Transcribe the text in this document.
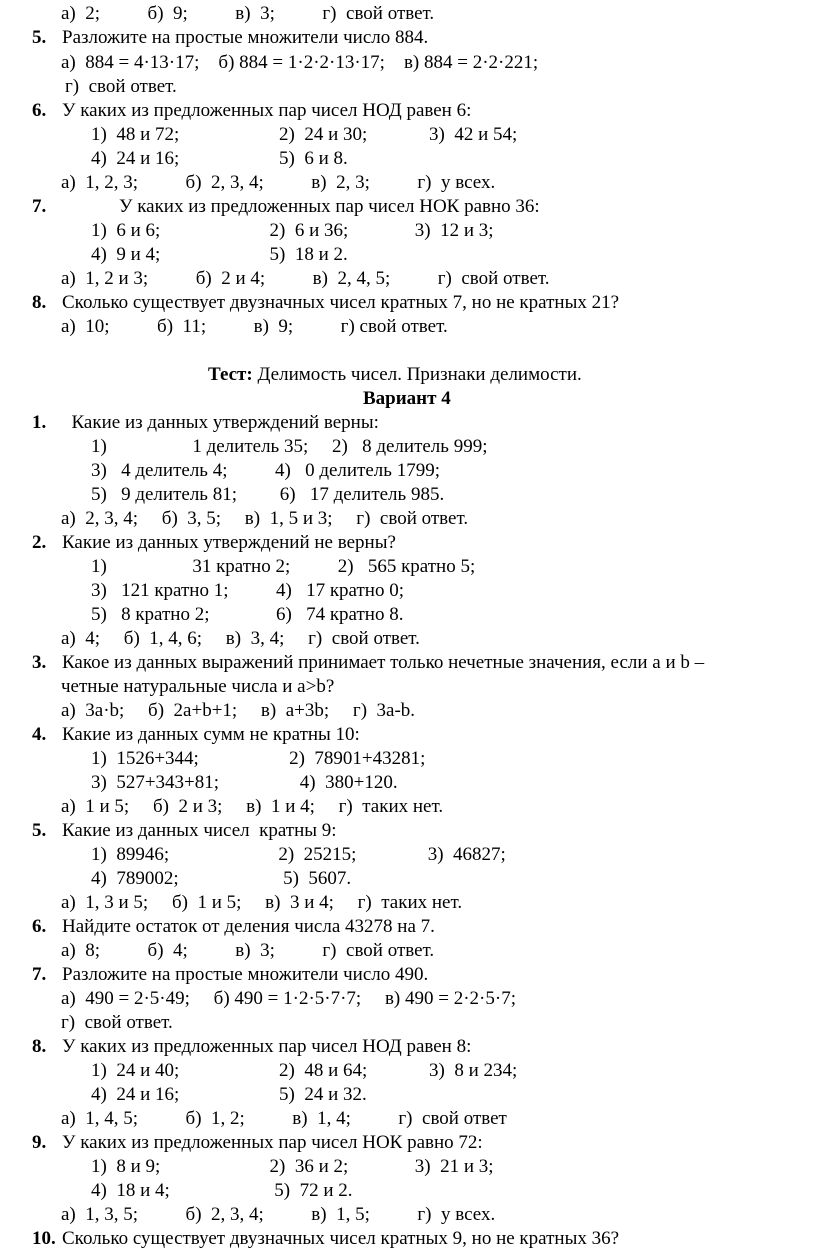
а)  2;          б)  9;          в)  3;          г)  свой ответ.
5. Разложите на простые множители число 884.
а)  884 = 4·13·17;    б) 884 = 1·2·2·13·17;    в) 884 = 2·2·221;
г)  свой ответ.
6. У каких из предложенных пар чисел НОД равен 6:
1)  48 и 72;                     2)  24 и 30;             3)  42 и 54;
4)  24 и 16;                     5)  6 и 8.
а)  1, 2, 3;          б)  2, 3, 4;          в)  2, 3;          г)  у всех.
7.            У каких из предложенных пар чисел НОК равно 36:
1)  6 и 6;                       2)  6 и 36;              3)  12 и 3;
4)  9 и 4;                       5)  18 и 2.
а)  1, 2 и 3;          б)  2 и 4;          в)  2, 4, 5;          г)  свой ответ.
8. Сколько существует двузначных чисел кратных 7, но не кратных 21?
а)  10;          б)  11;          в)  9;          г) свой ответ.
Тест: Делимость чисел. Признаки делимости.
Вариант 4
1.  Какие из данных утверждений верны:
1)                  1 делитель 35;     2)   8 делитель 999;
3)   4 делитель 4;          4)   0 делитель 1799;
5)   9 делитель 81;         6)   17 делитель 985.
а)  2, 3, 4;     б)  3, 5;     в)  1, 5 и 3;     г)  свой ответ.
2. Какие из данных утверждений не верны?
1)                  31 кратно 2;          2)   565 кратно 5;
3)   121 кратно 1;          4)   17 кратно 0;
5)   8 кратно 2;              6)   74 кратно 8.
а)  4;     б)  1, 4, 6;     в)  3, 4;     г)  свой ответ.
3. Какое из данных выражений принимает только нечетные значения, если а и b –
четные натуральные числа и a>b?
а)  3a·b;     б)  2a+b+1;     в)  a+3b;     г)  3a-b.
4. Какие из данных сумм не кратны 10:
1)  1526+344;                   2)  78901+43281;
3)  527+343+81;                 4)  380+120.
а)  1 и 5;     б)  2 и 3;     в)  1 и 4;     г)  таких нет.
5. Какие из данных чисел  кратны 9:
1)  89946;                       2)  25215;               3)  46827;
4)  789002;                      5)  5607.
а)  1, 3 и 5;     б)  1 и 5;     в)  3 и 4;     г)  таких нет.
6. Найдите остаток от деления числа 43278 на 7.
а)  8;          б)  4;          в)  3;          г)  свой ответ.
7. Разложите на простые множители число 490.
а)  490 = 2·5·49;     б) 490 = 1·2·5·7·7;     в) 490 = 2·2·5·7;
г)  свой ответ.
8. У каких из предложенных пар чисел НОД равен 8:
1)  24 и 40;                     2)  48 и 64;             3)  8 и 234;
4)  24 и 16;                     5)  24 и 32.
а)  1, 4, 5;          б)  1, 2;          в)  1, 4;          г)  свой ответ
9. У каких из предложенных пар чисел НОК равно 72:
1)  8 и 9;                       2)  36 и 2;              3)  21 и 3;
4)  18 и 4;                      5)  72 и 2.
а)  1, 3, 5;          б)  2, 3, 4;          в)  1, 5;          г)  у всех.
10. Сколько существует двузначных чисел кратных 9, но не кратных 36?
